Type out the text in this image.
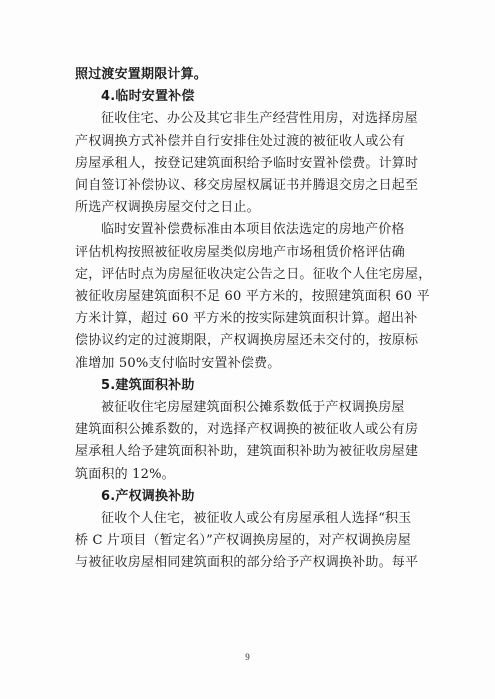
照过渡安置期限计算。
4.临时安置补偿
征收住宅、办公及其它非生产经营性用房，对选择房屋
产权调换方式补偿并自行安排住处过渡的被征收人或公有
房屋承租人，按登记建筑面积给予临时安置补偿费。计算时
间自签订补偿协议、移交房屋权属证书并腾退交房之日起至
所选产权调换房屋交付之日止。
临时安置补偿费标准由本项目依法选定的房地产价格
评估机构按照被征收房屋类似房地产市场租赁价格评估确
定，评估时点为房屋征收决定公告之日。征收个人住宅房屋，
被征收房屋建筑面积不足 60 平方米的，按照建筑面积 60 平
方米计算，超过 60 平方米的按实际建筑面积计算。超出补
偿协议约定的过渡期限，产权调换房屋还未交付的，按原标
准增加 50%支付临时安置补偿费。
5.建筑面积补助
被征收住宅房屋建筑面积公摊系数低于产权调换房屋
建筑面积公摊系数的，对选择产权调换的被征收人或公有房
屋承租人给予建筑面积补助，建筑面积补助为被征收房屋建
筑面积的 12%。
6.产权调换补助
征收个人住宅，被征收人或公有房屋承租人选择“积玉
桥 C 片项目（暂定名）”产权调换房屋的，对产权调换房屋
与被征收房屋相同建筑面积的部分给予产权调换补助。每平
9
